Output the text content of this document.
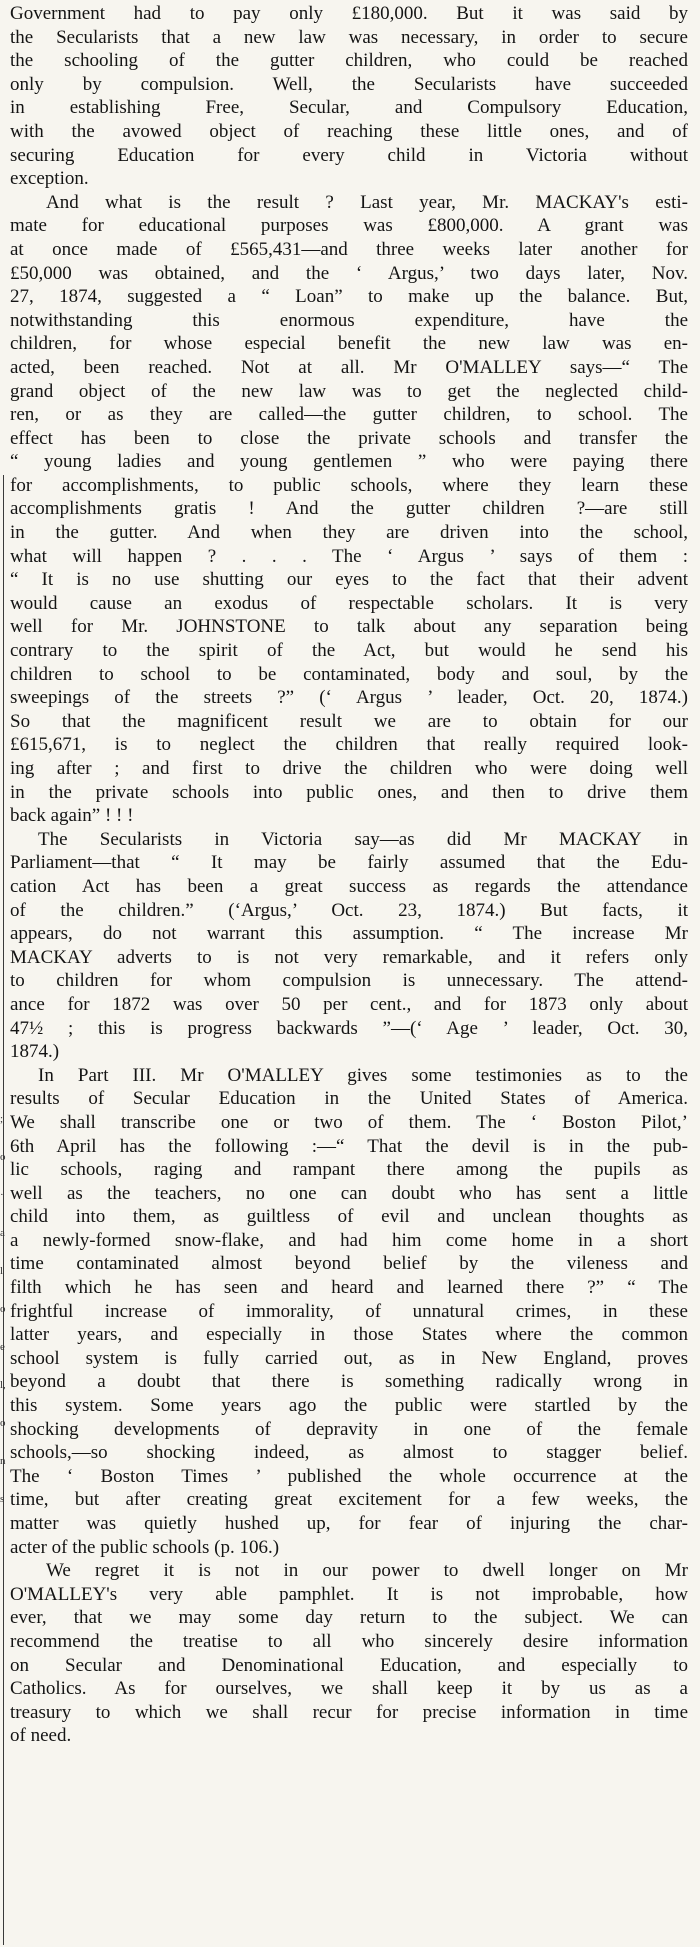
;
o
·
a
l
o
e
l,
o
n
s

Government had to pay only £180,000. But it was said by
the Secularists that a new law was necessary, in order to secure
the schooling of the gutter children, who could be reached
only by compulsion. Well, the Secularists have succeeded
in establishing Free, Secular, and Compulsory Education,
with the avowed object of reaching these little ones, and of
securing Education for every child in Victoria without
exception.

And what is the result ? Last year, Mr. MACKAY's esti-
mate for educational purposes was £800,000. A grant was
at once made of £565,431—and three weeks later another for
£50,000 was obtained, and the ‘ Argus,’ two days later, Nov.
27, 1874, suggested a “ Loan” to make up the balance. But,
notwithstanding this enormous expenditure, have the
children, for whose especial benefit the new law was en-
acted, been reached. Not at all. Mr O'MALLEY says—“ The
grand object of the new law was to get the neglected child-
ren, or as they are called—the gutter children, to school. The
effect has been to close the private schools and transfer the
“ young ladies and young gentlemen ” who were paying there
for accomplishments, to public schools, where they learn these
accomplishments gratis ! And the gutter children ?—are still
in the gutter. And when they are driven into the school,
what will happen ? . . . The ‘ Argus ’ says of them :
“ It is no use shutting our eyes to the fact that their advent
would cause an exodus of respectable scholars. It is very
well for Mr. JOHNSTONE to talk about any separation being
contrary to the spirit of the Act, but would he send his
children to school to be contaminated, body and soul, by the
sweepings of the streets ?” (‘ Argus ’ leader, Oct. 20, 1874.)
So that the magnificent result we are to obtain for our
£615,671, is to neglect the children that really required look-
ing after ; and first to drive the children who were doing well
in the private schools into public ones, and then to drive them
back again” ! ! !

The Secularists in Victoria say—as did Mr MACKAY in
Parliament—that “ It may be fairly assumed that the Edu-
cation Act has been a great success as regards the attendance
of the children.” (‘Argus,’ Oct. 23, 1874.) But facts, it
appears, do not warrant this assumption. “ The increase Mr
MACKAY adverts to is not very remarkable, and it refers only
to children for whom compulsion is unnecessary. The attend-
ance for 1872 was over 50 per cent., and for 1873 only about
47½ ; this is progress backwards ”—(‘ Age ’ leader, Oct. 30,
1874.)

In Part III. Mr O'MALLEY gives some testimonies as to the
results of Secular Education in the United States of America.
We shall transcribe one or two of them. The ‘ Boston Pilot,’
6th April has the following :—“ That the devil is in the pub-
lic schools, raging and rampant there among the pupils as
well as the teachers, no one can doubt who has sent a little
child into them, as guiltless of evil and unclean thoughts as
a newly-formed snow-flake, and had him come home in a short
time contaminated almost beyond belief by the vileness and
filth which he has seen and heard and learned there ?” “ The
frightful increase of immorality, of unnatural crimes, in these
latter years, and especially in those States where the common
school system is fully carried out, as in New England, proves
beyond a doubt that there is something radically wrong in
this system. Some years ago the public were startled by the
shocking developments of depravity in one of the female
schools,—so shocking indeed, as almost to stagger belief.
The ‘ Boston Times ’ published the whole occurrence at the
time, but after creating great excitement for a few weeks, the
matter was quietly hushed up, for fear of injuring the char-
acter of the public schools (p. 106.)

We regret it is not in our power to dwell longer on Mr
O'MALLEY's very able pamphlet. It is not improbable, how
ever, that we may some day return to the subject. We can
recommend the treatise to all who sincerely desire information
on Secular and Denominational Education, and especially to
Catholics. As for ourselves, we shall keep it by us as a
treasury to which we shall recur for precise information in time
of need.
